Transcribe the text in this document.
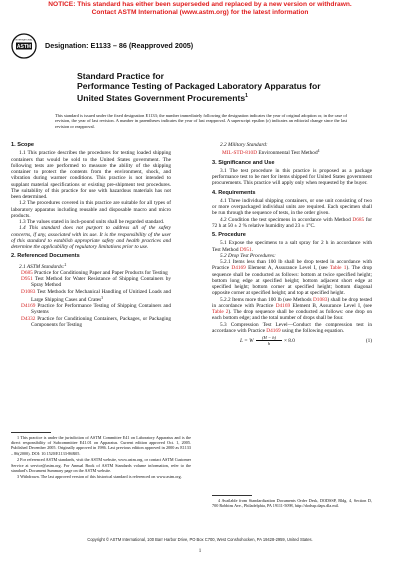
NOTICE: This standard has either been superseded and replaced by a new version or withdrawn.
Contact ASTM International (www.astm.org) for the latest information
ASTM
INTERNATIONAL
Designation: E1133 – 86 (Reapproved 2005)
Standard Practice for
Performance Testing of Packaged Laboratory Apparatus for
United States Government Procurements$^1$
This standard is issued under the fixed designation E1133; the number immediately following the designation indicates the year of original adoption or, in the case of revision, the year of last revision. A number in parentheses indicates the year of last reapproval. A superscript epsilon (ε) indicates an editorial change since the last revision or reapproval.

1. Scope

1.1 This practice describes the procedures for testing loaded shipping containers that would be sold to the United States government. The following tests are performed to measure the ability of the shipping container to protect the contents from the environment, shock, and vibration during warmer conditions. This practice is not intended to supplant material specifications or existing pre-shipment test procedures. The suitability of this practice for use with hazardous materials has not been determined.

1.2 The procedures covered in this practice are suitable for all types of laboratory apparatus including reusable and disposable macro and micro products.

1.3 The values stated in inch-pound units shall be regarded standard.

1.4 This standard does not purport to address all of the safety concerns, if any, associated with its use. It is the responsibility of the user of this standard to establish appropriate safety and health practices and determine the applicability of regulatory limitations prior to use.

2. Referenced Documents

2.1 ASTM Standards:$^2$

D685 Practice for Conditioning Paper and Paper Products for Testing

D951 Test Method for Water Resistance of Shipping Containers by Spray Method

D1083 Test Methods for Mechanical Handling of Unitized Loads and Large Shipping Cases and Crates$^3$

D4169 Practice for Performance Testing of Shipping Containers and Systems

D4332 Practice for Conditioning Containers, Packages, or Packaging Components for Testing

1 This practice is under the jurisdiction of ASTM Committee E41 on Laboratory Apparatus and is the direct responsibility of Subcommittee E41.01 on Apparatus. Current edition approved Oct. 1, 2005. Published December 2005. Originally approved in 1986. Last previous edition approved in 2000 as E1133 – 86(2000). DOI: 10.1520/E1133-86R05.

2 For referenced ASTM standards, visit the ASTM website, www.astm.org, or contact ASTM Customer Service at service@astm.org. For Annual Book of ASTM Standards volume information, refer to the standard's Document Summary page on the ASTM website.

3 Withdrawn. The last approved version of this historical standard is referenced on www.astm.org.

2.2 Military Standard:

MIL-STD-810D Environmental Test Method$^4$

3. Significance and Use

3.1 The test procedure in this practice is proposed as a package performance test to be met for items shipped for United States government procurements. This practice will apply only when requested by the buyer.

4. Requirements

4.1 Three individual shipping containers, or one unit consisting of two or more overpackaged individual units are required. Each specimen shall be run through the sequence of tests, in the order given.

4.2 Condition the test specimens in accordance with Method D685 for 72 h at 50 ± 2 % relative humidity and 23 ± 1°C.

5. Procedure

5.1 Expose the specimens to a salt spray for 2 h in accordance with Test Method D951.

5.2 Drop Test Procedures:

5.2.1 Items less than 100 lb shall be drop tested in accordance with Practice D4169 Element A, Assurance Level I, (see Table 1). The drop sequence shall be conducted as follows: bottom at twice specified height; bottom long edge at specified height; bottom adjacent short edge at specified height; bottom corner at specified height; bottom diagonal opposite corner at specified height; and top at specified height.

5.2.2 Items more than 100 lb (see Methods D1083) shall be drop tested in accordance with Practice D4169 Element B, Assurance Level I, (see Table 2). The drop sequence shall be conducted as follows: one drop on each bottom edge; and the total number of drops shall be four.

5.3 Compression Test Level—Conduct the compression test in accordance with Practice D4169 using the following equation.

L = W $\frac{(H - h)}{h} \times 8.0$	(1)

4 Available from Standardization Documents Order Desk, DODSSP, Bldg. 4, Section D, 700 Robbins Ave., Philadelphia, PA 19111-5098, http://dodssp.daps.dla.mil.

Copyright © ASTM International, 100 Barr Harbor Drive, PO Box C700, West Conshohocken, PA 19428-2959, United States.
1
